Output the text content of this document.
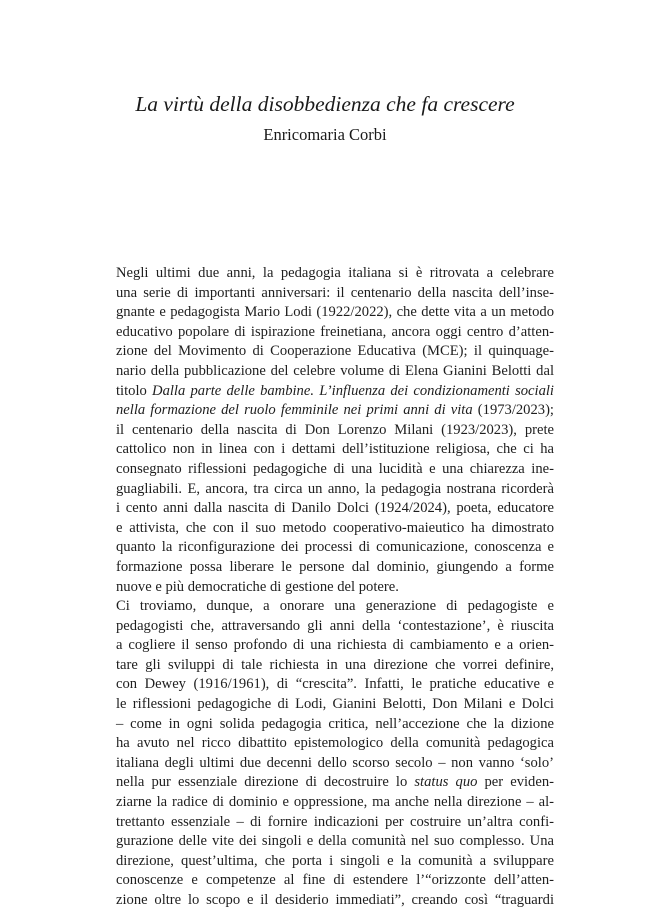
La virtù della disobbedienza che fa crescere
Enricomaria Corbi

Negli ultimi due anni, la pedagogia italiana si è ritrovata a celebrare
una serie di importanti anniversari: il centenario della nascita dell’inse-
gnante e pedagogista Mario Lodi (1922/2022), che dette vita a un metodo
educativo popolare di ispirazione freinetiana, ancora oggi centro d’atten-
zione del Movimento di Cooperazione Educativa (MCE); il quinquage-
nario della pubblicazione del celebre volume di Elena Gianini Belotti dal
titolo Dalla parte delle bambine. L’influenza dei condizionamenti sociali
nella formazione del ruolo femminile nei primi anni di vita (1973/2023);
il centenario della nascita di Don Lorenzo Milani (1923/2023), prete
cattolico non in linea con i dettami dell’istituzione religiosa, che ci ha
consegnato riflessioni pedagogiche di una lucidità e una chiarezza ine-
guagliabili. E, ancora, tra circa un anno, la pedagogia nostrana ricorderà
i cento anni dalla nascita di Danilo Dolci (1924/2024), poeta, educatore
e attivista, che con il suo metodo cooperativo-maieutico ha dimostrato
quanto la riconfigurazione dei processi di comunicazione, conoscenza e
formazione possa liberare le persone dal dominio, giungendo a forme
nuove e più democratiche di gestione del potere.

Ci troviamo, dunque, a onorare una generazione di pedagogiste e
pedagogisti che, attraversando gli anni della ‘contestazione’, è riuscita
a cogliere il senso profondo di una richiesta di cambiamento e a orien-
tare gli sviluppi di tale richiesta in una direzione che vorrei definire,
con Dewey (1916/1961), di “crescita”. Infatti, le pratiche educative e
le riflessioni pedagogiche di Lodi, Gianini Belotti, Don Milani e Dolci
– come in ogni solida pedagogia critica, nell’accezione che la dizione
ha avuto nel ricco dibattito epistemologico della comunità pedagogica
italiana degli ultimi due decenni dello scorso secolo – non vanno ‘solo’
nella pur essenziale direzione di decostruire lo status quo per eviden-
ziarne la radice di dominio e oppressione, ma anche nella direzione – al-
trettanto essenziale – di fornire indicazioni per costruire un’altra confi-
gurazione delle vite dei singoli e della comunità nel suo complesso. Una
direzione, quest’ultima, che porta i singoli e la comunità a sviluppare
conoscenze e competenze al fine di estendere l’“orizzonte dell’atten-
zione oltre lo scopo e il desiderio immediati”, creando così “traguardi
